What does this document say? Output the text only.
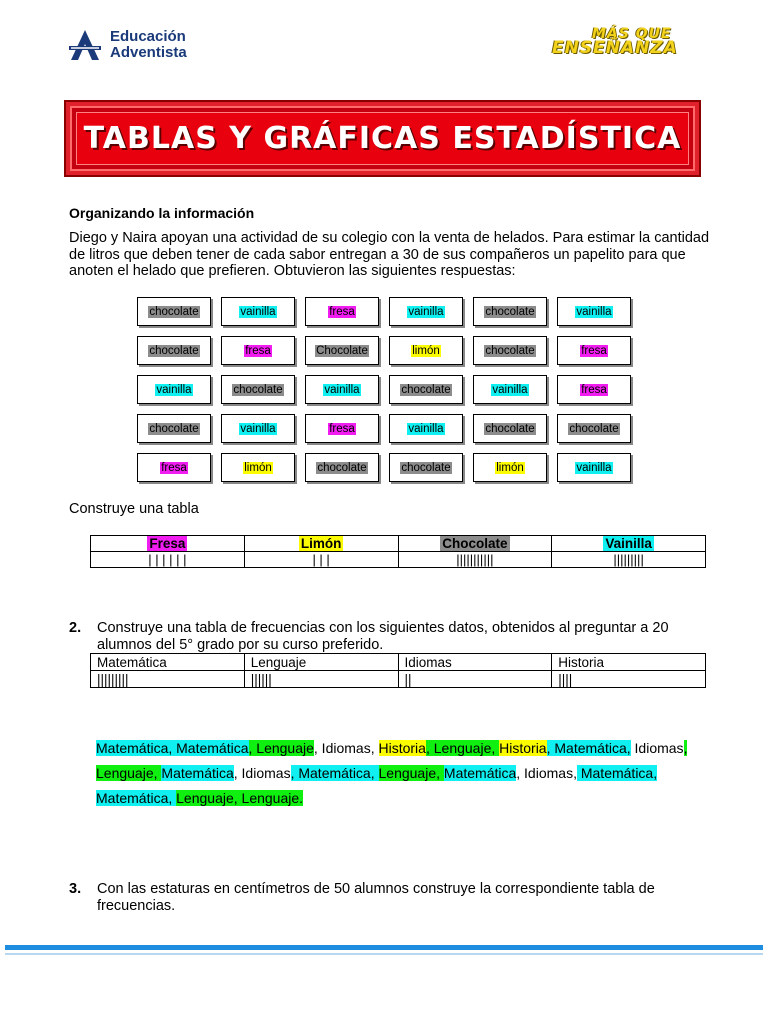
Educación
Adventista
MÁS QUE
ENSEÑANZA
TABLAS Y GRÁFICAS ESTADÍSTICA
Organizando la información
Diego y Naira apoyan una actividad de su colegio con la venta de helados. Para estimar la cantidad de litros que deben tener de cada sabor entregan a 30 de sus compañeros un papelito para que anoten el helado que prefieren. Obtuvieron las siguientes respuestas:
chocolate	vainilla	fresa	vainilla	chocolate	vainilla
chocolate	fresa	Chocolate	limón	chocolate	fresa
vainilla	chocolate	vainilla	chocolate	vainilla	fresa
chocolate	vainilla	fresa	vainilla	chocolate	chocolate
fresa	limón	chocolate	chocolate	limón	vainilla
Construye una tabla
Fresa	Limón	Chocolate	Vainilla
| | | | | |	| | |	|||||||||||	|||||||||
2. Construye una tabla de frecuencias con los siguientes datos, obtenidos al preguntar a 20 alumnos del 5° grado por su curso preferido.
Matemática	Lenguaje	Idiomas	Historia
|||||||||	||||||	||	||||
Matemática, Matemática, Lenguaje, Idiomas, Historia, Lenguaje, Historia, Matemática, Idiomas, Lenguaje, Matemática, Idiomas, Matemática, Lenguaje, Matemática, Idiomas, Matemática, Matemática, Lenguaje, Lenguaje.
3. Con las estaturas en centímetros de 50 alumnos construye la correspondiente tabla de frecuencias.
